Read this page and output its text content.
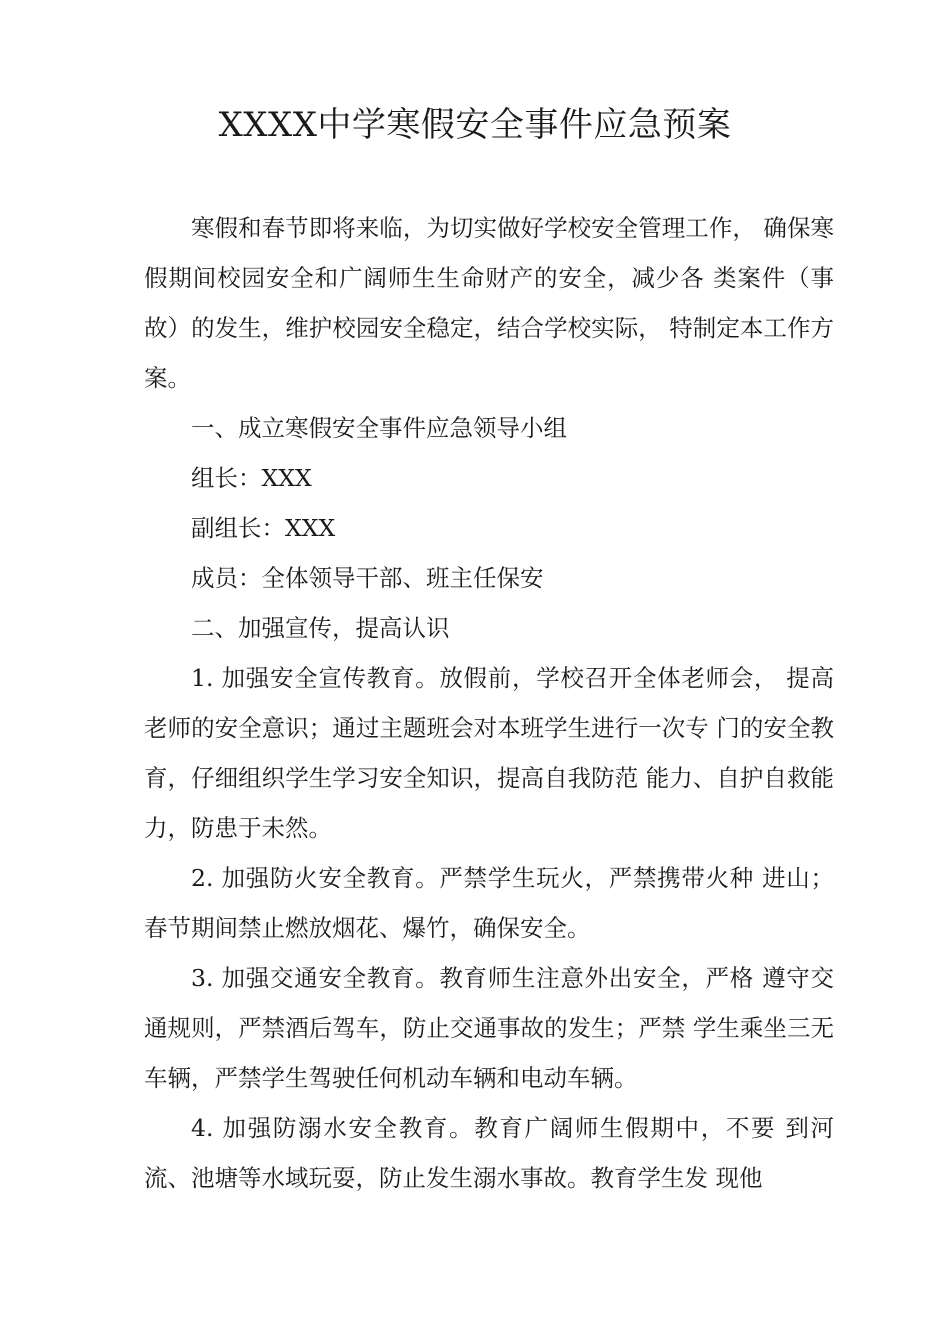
XXXX中学寒假安全事件应急预案

寒假和春节即将来临，为切实做好学校安全管理工作， 确保寒假期间校园安全和广阔师生生命财产的安全，减少各 类案件（事故）的发生，维护校园安全稳定，结合学校实际， 特制定本工作方案。

一、成立寒假安全事件应急领导小组

组长：XXX

副组长：XXX

成员：全体领导干部、班主任保安

二、加强宣传，提高认识

1. 加强安全宣传教育。放假前，学校召开全体老师会， 提高老师的安全意识；通过主题班会对本班学生进行一次专 门的安全教育，仔细组织学生学习安全知识，提高自我防范 能力、自护自救能力，防患于未然。

2. 加强防火安全教育。严禁学生玩火，严禁携带火种 进山；春节期间禁止燃放烟花、爆竹，确保安全。

3. 加强交通安全教育。教育师生注意外出安全，严格 遵守交通规则，严禁酒后驾车，防止交通事故的发生；严禁 学生乘坐三无车辆，严禁学生驾驶任何机动车辆和电动车辆。

4. 加强防溺水安全教育。教育广阔师生假期中，不要 到河流、池塘等水域玩耍，防止发生溺水事故。教育学生发 现他
